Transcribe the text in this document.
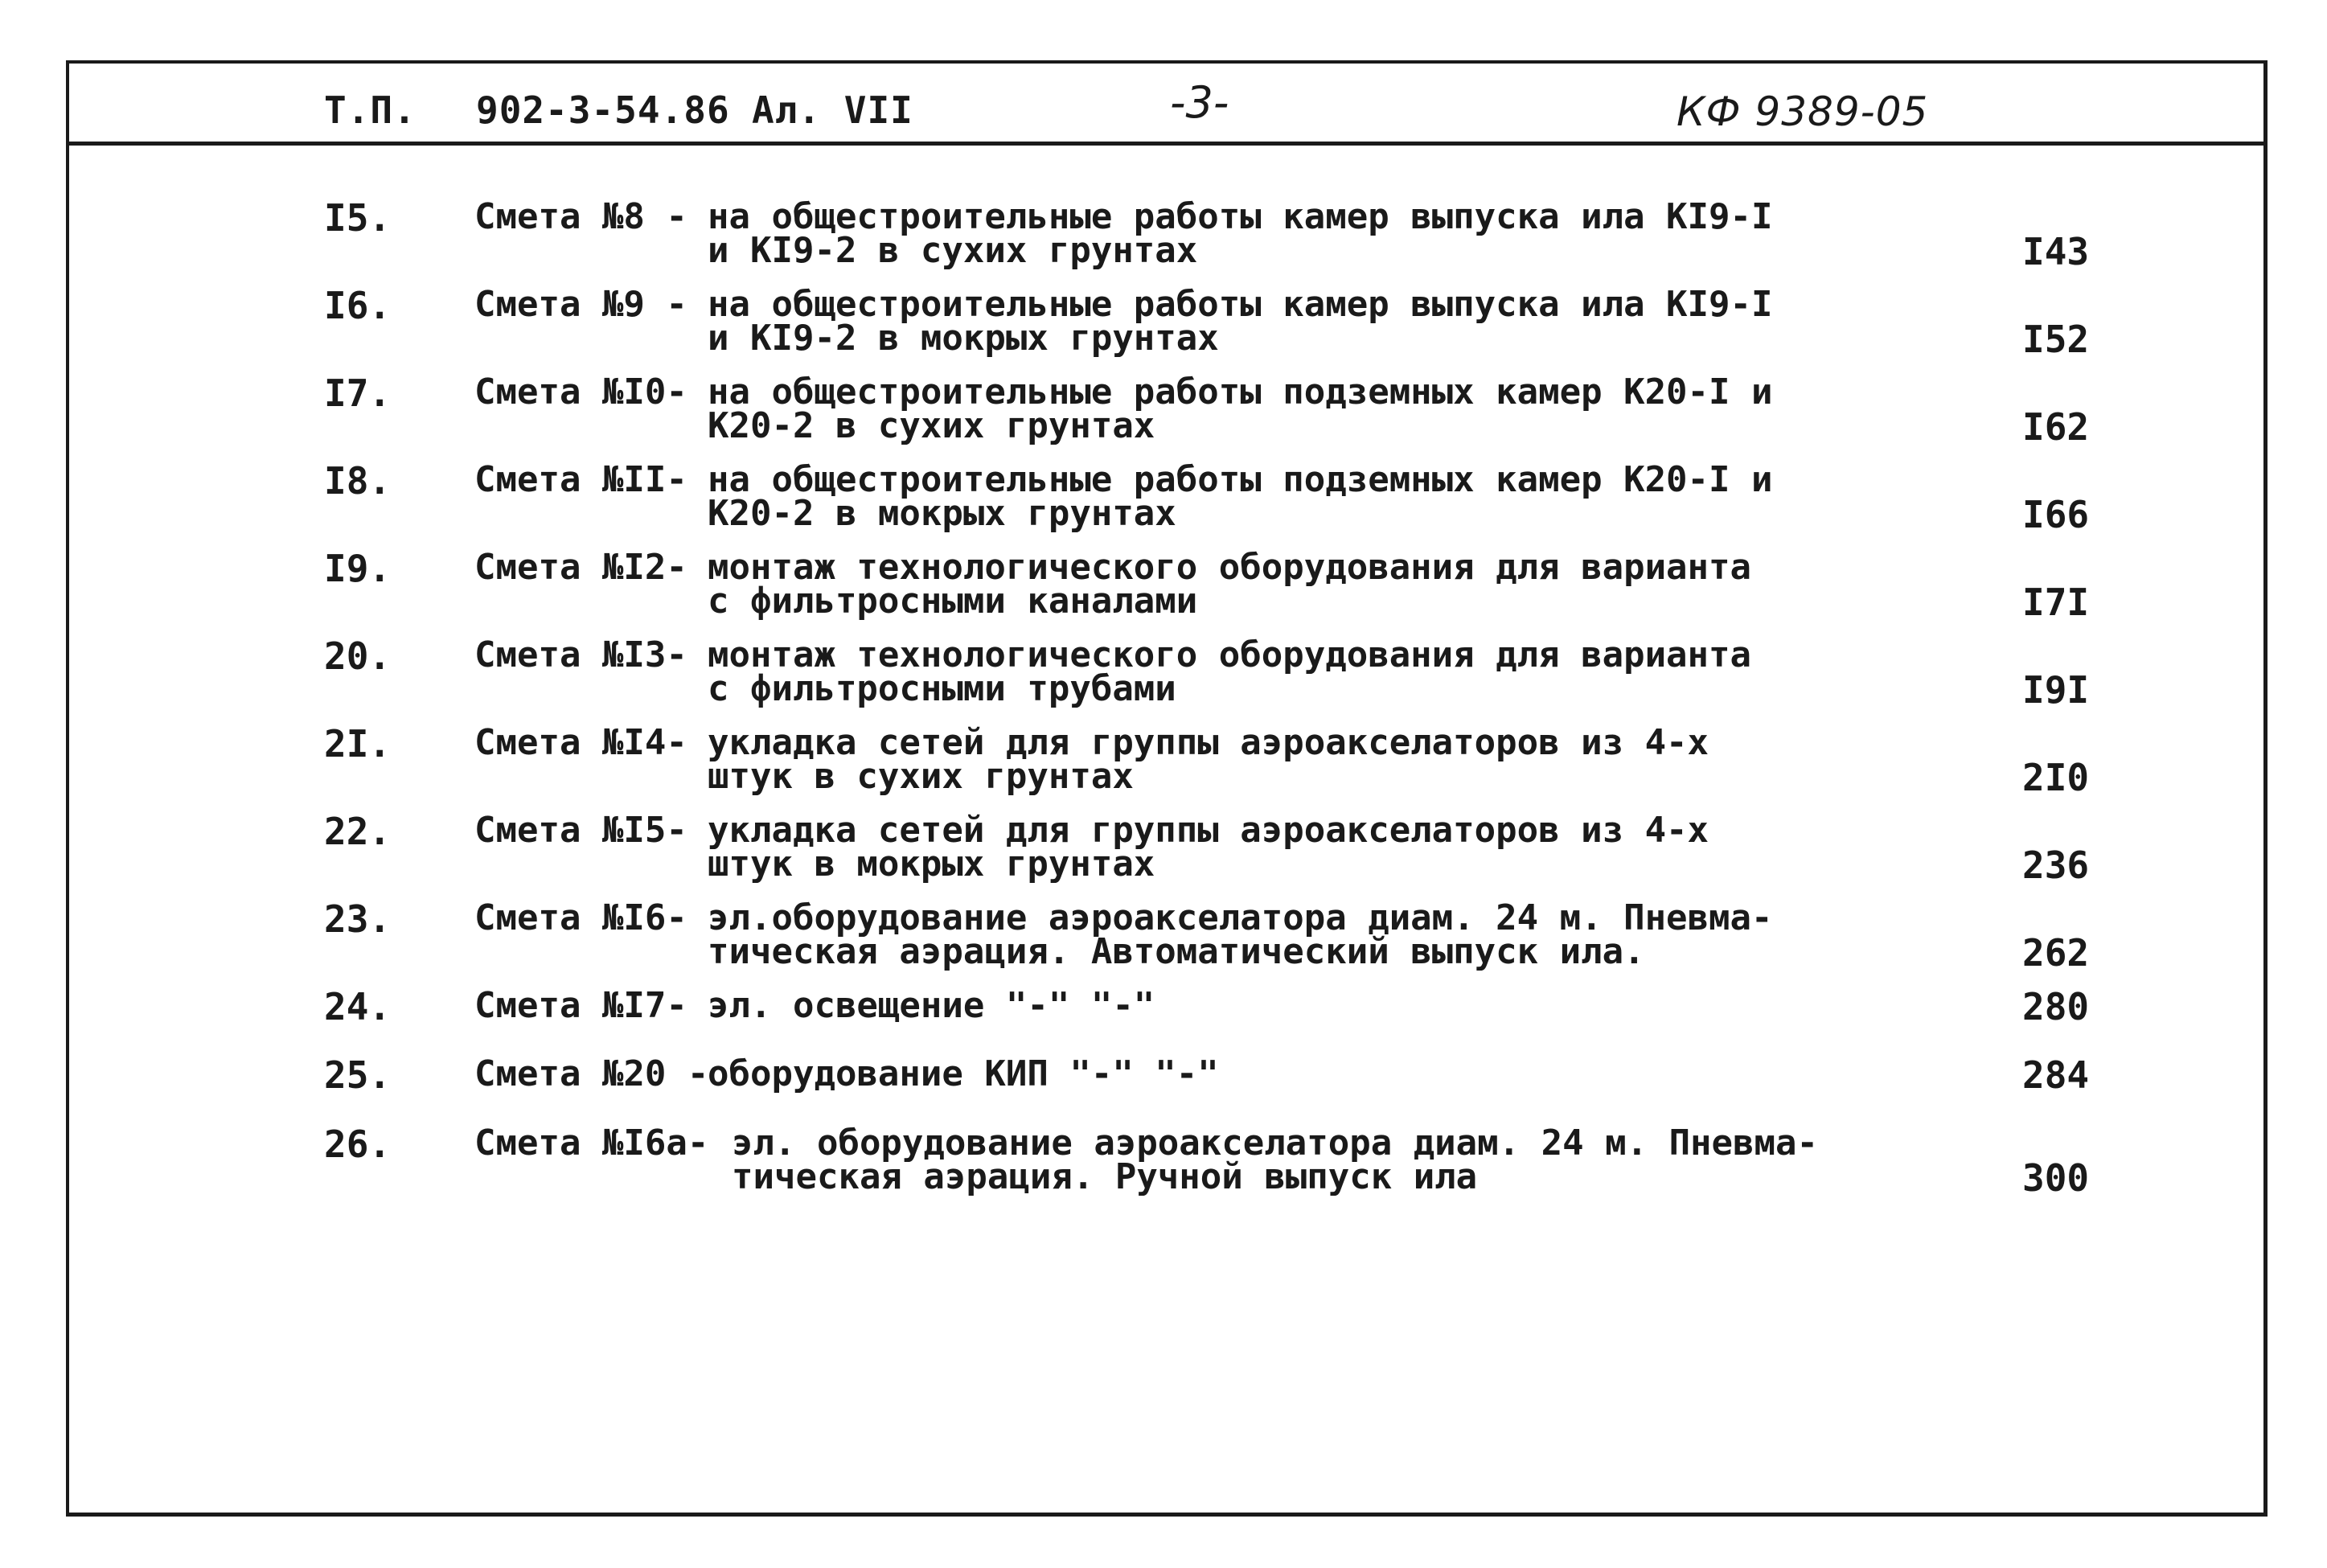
Т.П. 902-3-54.86 Ал. VII	-3-	КФ 9389-05
I5. Смета №8 - на общестроительные работы камер выпуска ила КI9-I
и КI9-2 в сухих грунтах	I43
I6. Смета №9 - на общестроительные работы камер выпуска ила КI9-I
и КI9-2 в мокрых грунтах	I52
I7. Смета №I0- на общестроительные работы подземных камер К20-I и
К20-2 в сухих грунтах	I62
I8. Смета №II- на общестроительные работы подземных камер К20-I и
К20-2 в мокрых грунтах	I66
I9. Смета №I2- монтаж технологического оборудования для варианта
с фильтросными каналами	I7I
20. Смета №I3- монтаж технологического оборудования для варианта
с фильтросными трубами	I9I
2I. Смета №I4- укладка сетей для группы аэроакселаторов из 4-х
штук в сухих грунтах	2I0
22. Смета №I5- укладка сетей для группы аэроакселаторов из 4-х
штук в мокрых грунтах	236
23. Смета №I6- эл.оборудование аэроакселатора диам. 24 м. Пневма-
тическая аэрация. Автоматический выпуск ила.	262
24. Смета №I7- эл. освещение "-" "-"	280
25. Смета №20 -
оборудование КИП "-" "-"	284
26. Смета №I6а- эл. оборудование аэроакселатора диам. 24 м. Пневма-
тическая аэрация. Ручной выпуск ила	300
